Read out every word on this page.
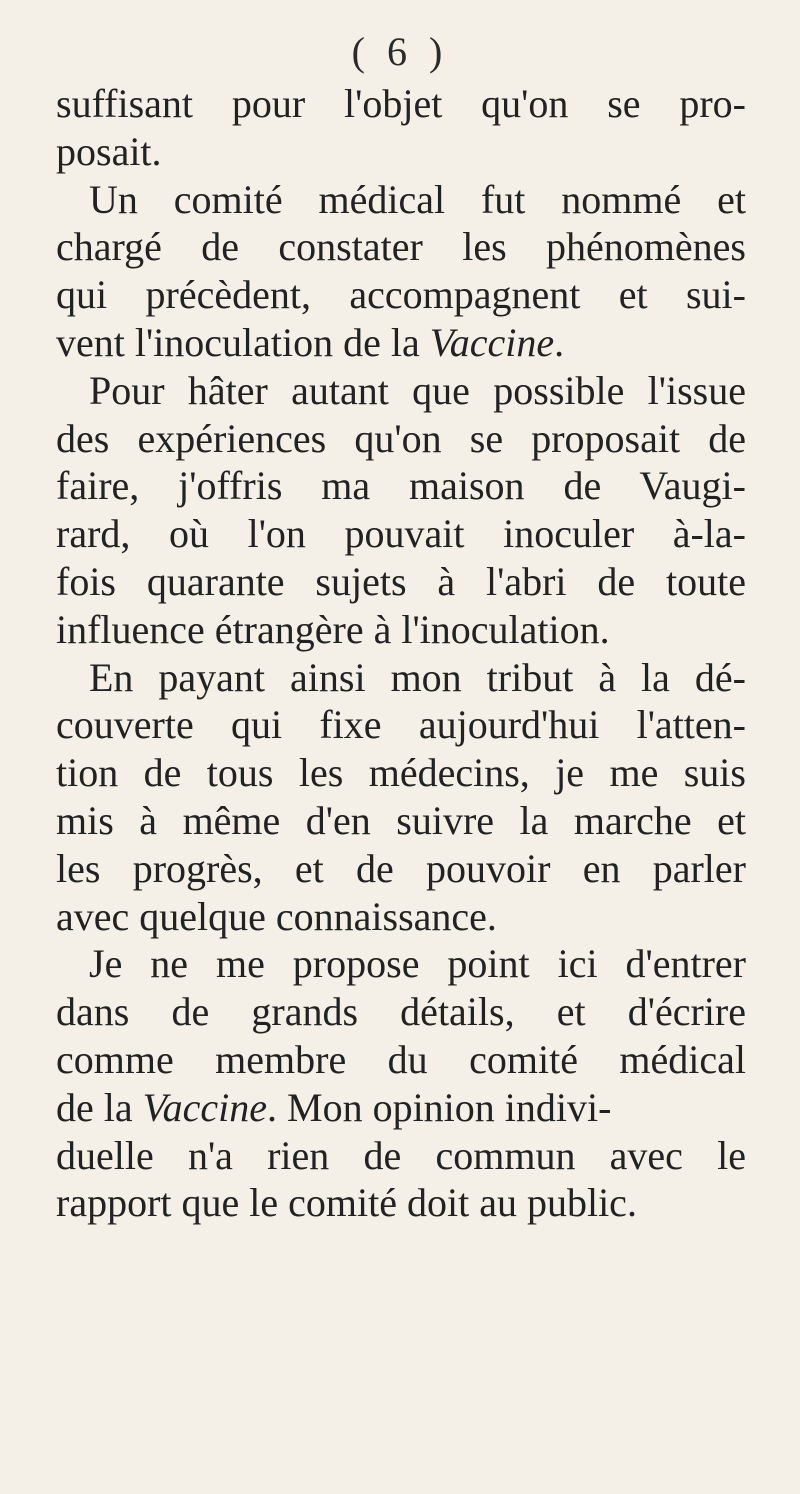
( 6 )
suffisant pour l'objet qu'on se pro-
posait.
Un comité médical fut nommé et
chargé de constater les phénomènes
qui précèdent, accompagnent et sui-
vent l'inoculation de la Vaccine.
Pour hâter autant que possible l'issue
des expériences qu'on se proposait de
faire, j'offris ma maison de Vaugi-
rard, où l'on pouvait inoculer à-la-
fois quarante sujets à l'abri de toute
influence étrangère à l'inoculation.
En payant ainsi mon tribut à la dé-
couverte qui fixe aujourd'hui l'atten-
tion de tous les médecins, je me suis
mis à même d'en suivre la marche et
les progrès, et de pouvoir en parler
avec quelque connaissance.
Je ne me propose point ici d'entrer
dans de grands détails, et d'écrire
comme membre du comité médical
de la Vaccine. Mon opinion indivi-
duelle n'a rien de commun avec le
rapport que le comité doit au public.
